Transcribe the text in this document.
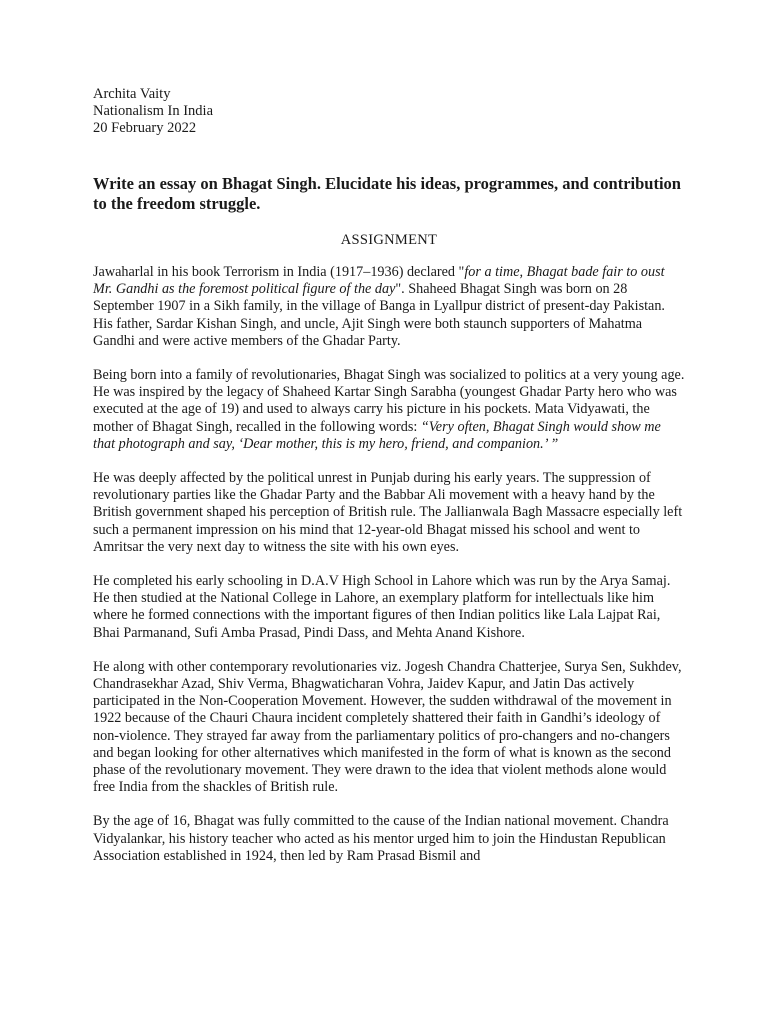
Archita Vaity
Nationalism In India
20 February 2022
Write an essay on Bhagat Singh. Elucidate his ideas, programmes, and contribution to the freedom struggle.
ASSIGNMENT

Jawaharlal in his book Terrorism in India (1917–1936) declared "for a time, Bhagat bade fair to oust Mr. Gandhi as the foremost political figure of the day". Shaheed Bhagat Singh was born on 28 September 1907 in a Sikh family, in the village of Banga in Lyallpur district of present-day Pakistan. His father, Sardar Kishan Singh, and uncle, Ajit Singh were both staunch supporters of Mahatma Gandhi and were active members of the Ghadar Party.

Being born into a family of revolutionaries, Bhagat Singh was socialized to politics at a very young age. He was inspired by the legacy of Shaheed Kartar Singh Sarabha (youngest Ghadar Party hero who was executed at the age of 19) and used to always carry his picture in his pockets. Mata Vidyawati, the mother of Bhagat Singh, recalled in the following words: “Very often, Bhagat Singh would show me that photograph and say, ‘Dear mother, this is my hero, friend, and companion.’ ”

He was deeply affected by the political unrest in Punjab during his early years. The suppression of revolutionary parties like the Ghadar Party and the Babbar Ali movement with a heavy hand by the British government shaped his perception of British rule. The Jallianwala Bagh Massacre especially left such a permanent impression on his mind that 12-year-old Bhagat missed his school and went to Amritsar the very next day to witness the site with his own eyes.

He completed his early schooling in D.A.V High School in Lahore which was run by the Arya Samaj. He then studied at the National College in Lahore, an exemplary platform for intellectuals like him where he formed connections with the important figures of then Indian politics like Lala Lajpat Rai, Bhai Parmanand, Sufi Amba Prasad, Pindi Dass, and Mehta Anand Kishore.

He along with other contemporary revolutionaries viz. Jogesh Chandra Chatterjee, Surya Sen, Sukhdev, Chandrasekhar Azad, Shiv Verma, Bhagwaticharan Vohra, Jaidev Kapur, and Jatin Das actively participated in the Non-Cooperation Movement. However, the sudden withdrawal of the movement in 1922 because of the Chauri Chaura incident completely shattered their faith in Gandhi’s ideology of non-violence. They strayed far away from the parliamentary politics of pro-changers and no-changers and began looking for other alternatives which manifested in the form of what is known as the second phase of the revolutionary movement. They were drawn to the idea that violent methods alone would free India from the shackles of British rule.

By the age of 16, Bhagat was fully committed to the cause of the Indian national movement. Chandra Vidyalankar, his history teacher who acted as his mentor urged him to join the Hindustan Republican Association established in 1924, then led by Ram Prasad Bismil and
